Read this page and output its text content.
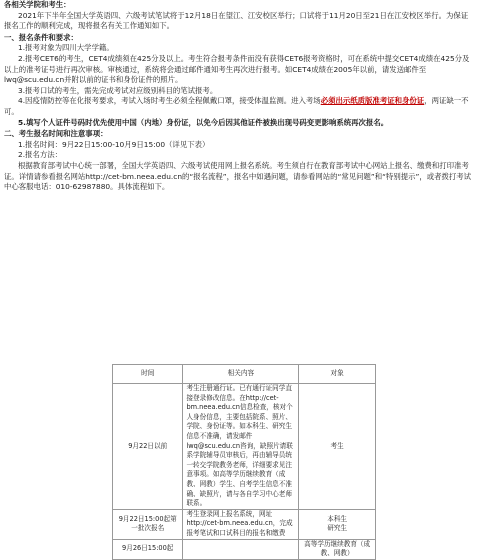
各相关学院和考生：

2021年下半年全国大学英语四、六级考试笔试将于12月18日在望江、江安校区举行；口试将于11月20日至21日在江安校区举行。为保证报名工作的顺利完成，现将报名有关工作通知如下。

一、报名条件和要求：

1.报考对象为四川大学学籍。

2.报考CET6的考生，CET4成绩须在425分及以上。考生符合报考条件而没有获得CET6报考资格时，可在系统中提交CET4成绩在425分及以上的准考证号进行再次审核。审核通过，系统将会通过邮件通知考生再次进行报考。如CET4成绩在2005年以前，请发送邮件至lwq@scu.edu.cn并附以前的证书和身份证件的照片。

3.报考口试的考生，需先完成考试对应级别科目的笔试报考。

4.因疫情防控等在化报考要求，考试入场时考生必须全程佩戴口罩，接受体温监测。进入考场必须出示纸质版准考证和身份证，两证缺一不可。

5.填写个人证件号码时优先使用中国（内地）身份证，以免今后因其他证件被换出现号码变更影响系统再次报名。

二、考生报名时间和注意事项：

1.报名时间：9月22日15:00-10月9日15:00（详见下表）

2.报名方法：

根据教育部考试中心统一部署，全国大学英语四、六级考试使用网上报名系统。考生须自行在教育部考试中心网站上报名、缴费和打印准考证。详情请参看报名网站http://cet-bm.neea.edu.cn的“报名流程”，报名中如遇问题，请参看网站的“常见问题”和“特别提示”，或者拨打考试中心客服电话：010-62987880。具体流程如下。

时间	相关内容	对象
9月22日以前	考生注册通行证。已有通行证同学直接登录修改信息。在http://cet-bm.neea.edu.cn信息检查，核对个人身份信息，主要包括院系、照片、学院、身份证等。如本科生、研究生信息不准确，请发邮件lwq@scu.edu.cn咨询，缺照片请联系学院辅导员审核后，再由辅导员统一转交学院教务老师，详细要求见注意事项。如高等学历继续教育（成教、网教）学生、自考学生信息不准确、缺照片，请与各自学习中心老师联系。	考生
9月22日15:00起第一批次报名	考生登录网上报名系统，网址http://cet-bm.neea.edu.cn，完成报考笔试和口试科目的报名和缴费	本科生
研究生
9月26日15:00起		高等学历继续教育（成教、网教）
